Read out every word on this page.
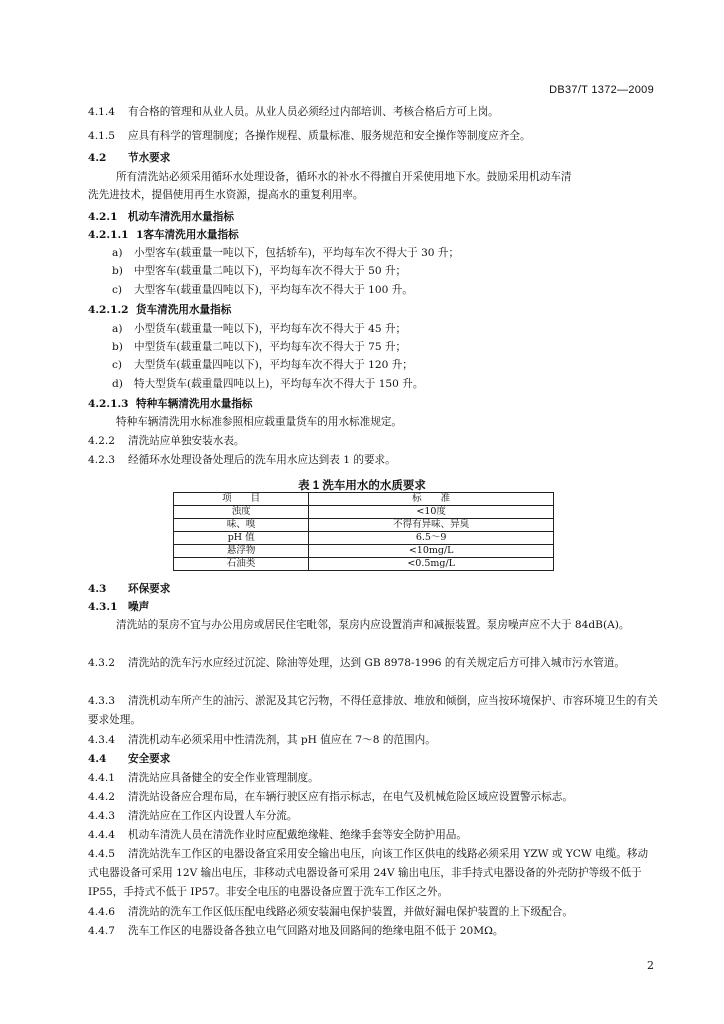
DB37/T 1372—2009
4.1.4 有合格的管理和从业人员。从业人员必须经过内部培训、考核合格后方可上岗。
4.1.5 应具有科学的管理制度；各操作规程、质量标准、服务规范和安全操作等制度应齐全。
4.2 节水要求
所有清洗站必须采用循环水处理设备，循环水的补水不得擅自开采使用地下水。鼓励采用机动车清
洗先进技术，提倡使用再生水资源，提高水的重复利用率。
4.2.1 机动车清洗用水量指标
4.2.1.1 1客车清洗用水量指标
a) 小型客车(载重量一吨以下，包括轿车)，平均每车次不得大于 30 升；
b) 中型客车(载重量二吨以下)，平均每车次不得大于 50 升；
c) 大型客车(载重量四吨以下)，平均每车次不得大于 100 升。
4.2.1.2 货车清洗用水量指标
a) 小型货车(载重量一吨以下)，平均每车次不得大于 45 升；
b) 中型货车(载重量二吨以下)，平均每车次不得大于 75 升；
c) 大型货车(载重量四吨以下)，平均每车次不得大于 120 升；
d) 特大型货车(载重量四吨以上)，平均每车次不得大于 150 升。
4.2.1.3 特种车辆清洗用水量指标
特种车辆清洗用水标准参照相应载重量货车的用水标准规定。
4.2.2 清洗站应单独安装水表。
4.2.3 经循环水处理设备处理后的洗车用水应达到表 1 的要求。
表 1 洗车用水的水质要求
项　　目	标　　准
浊度	<10度
味、嗅	不得有异味、异臭
pH 值	6.5～9
悬浮物	<10mg/L
石油类	<0.5mg/L
4.3 环保要求
4.3.1 噪声
清洗站的泵房不宜与办公用房或居民住宅毗邻，泵房内应设置消声和减振装置。泵房噪声应不大于 84dB(A)。
4.3.2 清洗站的洗车污水应经过沉淀、除油等处理，达到 GB 8978-1996 的有关规定后方可排入城市污水管道。
4.3.3 清洗机动车所产生的油污、淤泥及其它污物，不得任意排放、堆放和倾倒，应当按环境保护、市容环境卫生的有关要求处理。
4.3.4 清洗机动车必须采用中性清洗剂，其 pH 值应在 7～8 的范围内。
4.4 安全要求
4.4.1 清洗站应具备健全的安全作业管理制度。
4.4.2 清洗站设备应合理布局，在车辆行驶区应有指示标志，在电气及机械危险区域应设置警示标志。
4.4.3 清洗站应在工作区内设置人车分流。
4.4.4 机动车清洗人员在清洗作业时应配戴绝缘鞋、绝缘手套等安全防护用品。
4.4.5 清洗站洗车工作区的电器设备宜采用安全输出电压，向该工作区供电的线路必须采用 YZW 或 YCW 电缆。移动式电器设备可采用 12V 输出电压，非移动式电器设备可采用 24V 输出电压，非手持式电器设备的外壳防护等级不低于 IP55，手持式不低于 IP57。非安全电压的电器设备应置于洗车工作区之外。
4.4.6 清洗站的洗车工作区低压配电线路必须安装漏电保护装置，并做好漏电保护装置的上下级配合。
4.4.7 洗车工作区的电器设备各独立电气回路对地及回路间的绝缘电阻不低于 20MΩ。
2
